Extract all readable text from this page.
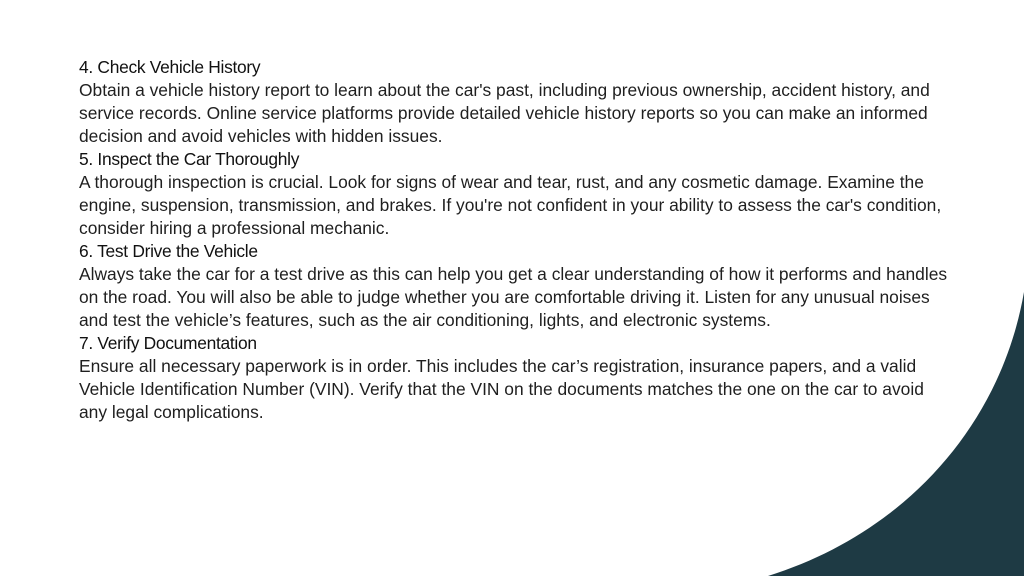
4. Check Vehicle History

Obtain a vehicle history report to learn about the car's past, including previous ownership, accident history, and service records. Online service platforms provide detailed vehicle history reports so you can make an informed decision and avoid vehicles with hidden issues.

5. Inspect the Car Thoroughly

A thorough inspection is crucial. Look for signs of wear and tear, rust, and any cosmetic damage. Examine the engine, suspension, transmission, and brakes. If you're not confident in your ability to assess the car's condition, consider hiring a professional mechanic.

6. Test Drive the Vehicle

Always take the car for a test drive as this can help you get a clear understanding of how it performs and handles on the road. You will also be able to judge whether you are comfortable driving it. Listen for any unusual noises and test the vehicle’s features, such as the air conditioning, lights, and electronic systems.

7. Verify Documentation

Ensure all necessary paperwork is in order. This includes the car’s registration, insurance papers, and a valid Vehicle Identification Number (VIN). Verify that the VIN on the documents matches the one on the car to avoid any legal complications.
